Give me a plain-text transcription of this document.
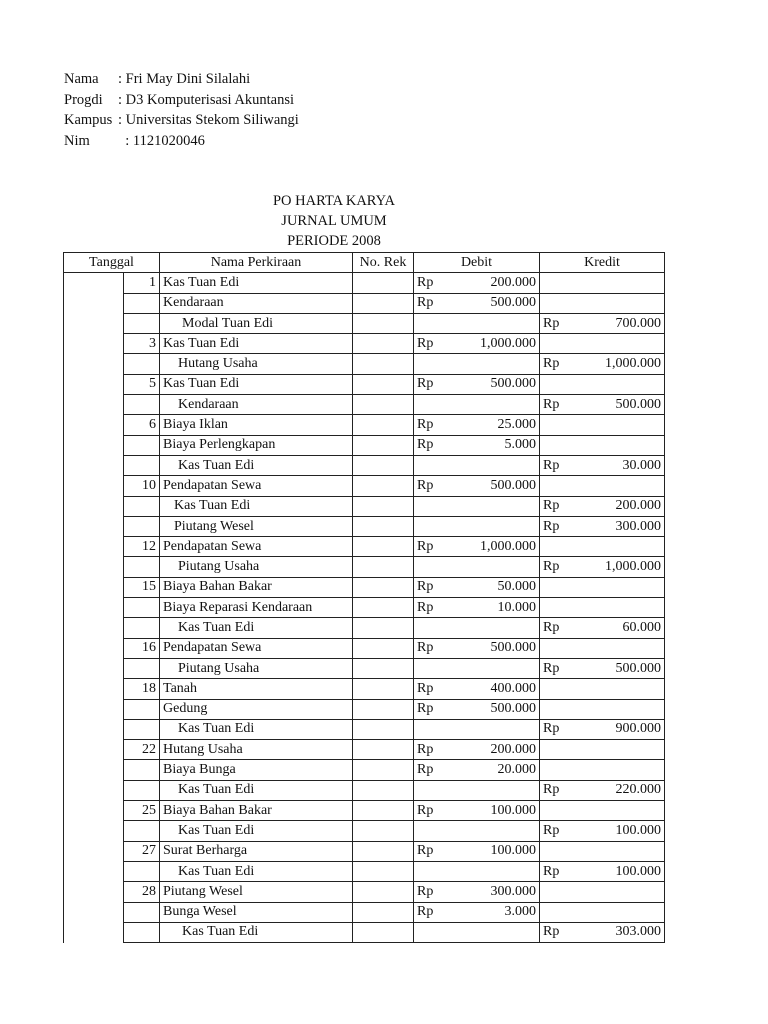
Nama	: Fri May Dini Silalahi
Progdi	: D3 Komputerisasi Akuntansi
Kampus : Universitas Stekom Siliwangi
Nim	: 1121020046
PO HARTA KARYA
JURNAL UMUM
PERIODE 2008
Tanggal		Nama Perkiraan	No. Rek	Debit		Kredit	
	1	Kas Tuan Edi		Rp	200.000		
		Kendaraan		Rp	500.000		
		Modal Tuan Edi				Rp	700.000
	3	Kas Tuan Edi		Rp	1,000.000		
		Hutang Usaha				Rp	1,000.000
	5	Kas Tuan Edi		Rp	500.000		
		Kendaraan				Rp	500.000
	6	Biaya Iklan		Rp	25.000		
		Biaya Perlengkapan		Rp	5.000		
		Kas Tuan Edi				Rp	30.000
	10	Pendapatan Sewa		Rp	500.000		
		Kas Tuan Edi				Rp	200.000
		Piutang Wesel				Rp	300.000
	12	Pendapatan Sewa		Rp	1,000.000		
		Piutang Usaha				Rp	1,000.000
	15	Biaya Bahan Bakar		Rp	50.000		
		Biaya Reparasi Kendaraan		Rp	10.000		
		Kas Tuan Edi				Rp	60.000
	16	Pendapatan Sewa		Rp	500.000		
		Piutang Usaha				Rp	500.000
	18	Tanah		Rp	400.000		
		Gedung		Rp	500.000		
		Kas Tuan Edi				Rp	900.000
	22	Hutang Usaha		Rp	200.000		
		Biaya Bunga		Rp	20.000		
		Kas Tuan Edi				Rp	220.000
	25	Biaya Bahan Bakar		Rp	100.000		
		Kas Tuan Edi				Rp	100.000
	27	Surat Berharga		Rp	100.000		
		Kas Tuan Edi				Rp	100.000
	28	Piutang Wesel		Rp	300.000		
		Bunga Wesel		Rp	3.000		
		Kas Tuan Edi				Rp	303.000
